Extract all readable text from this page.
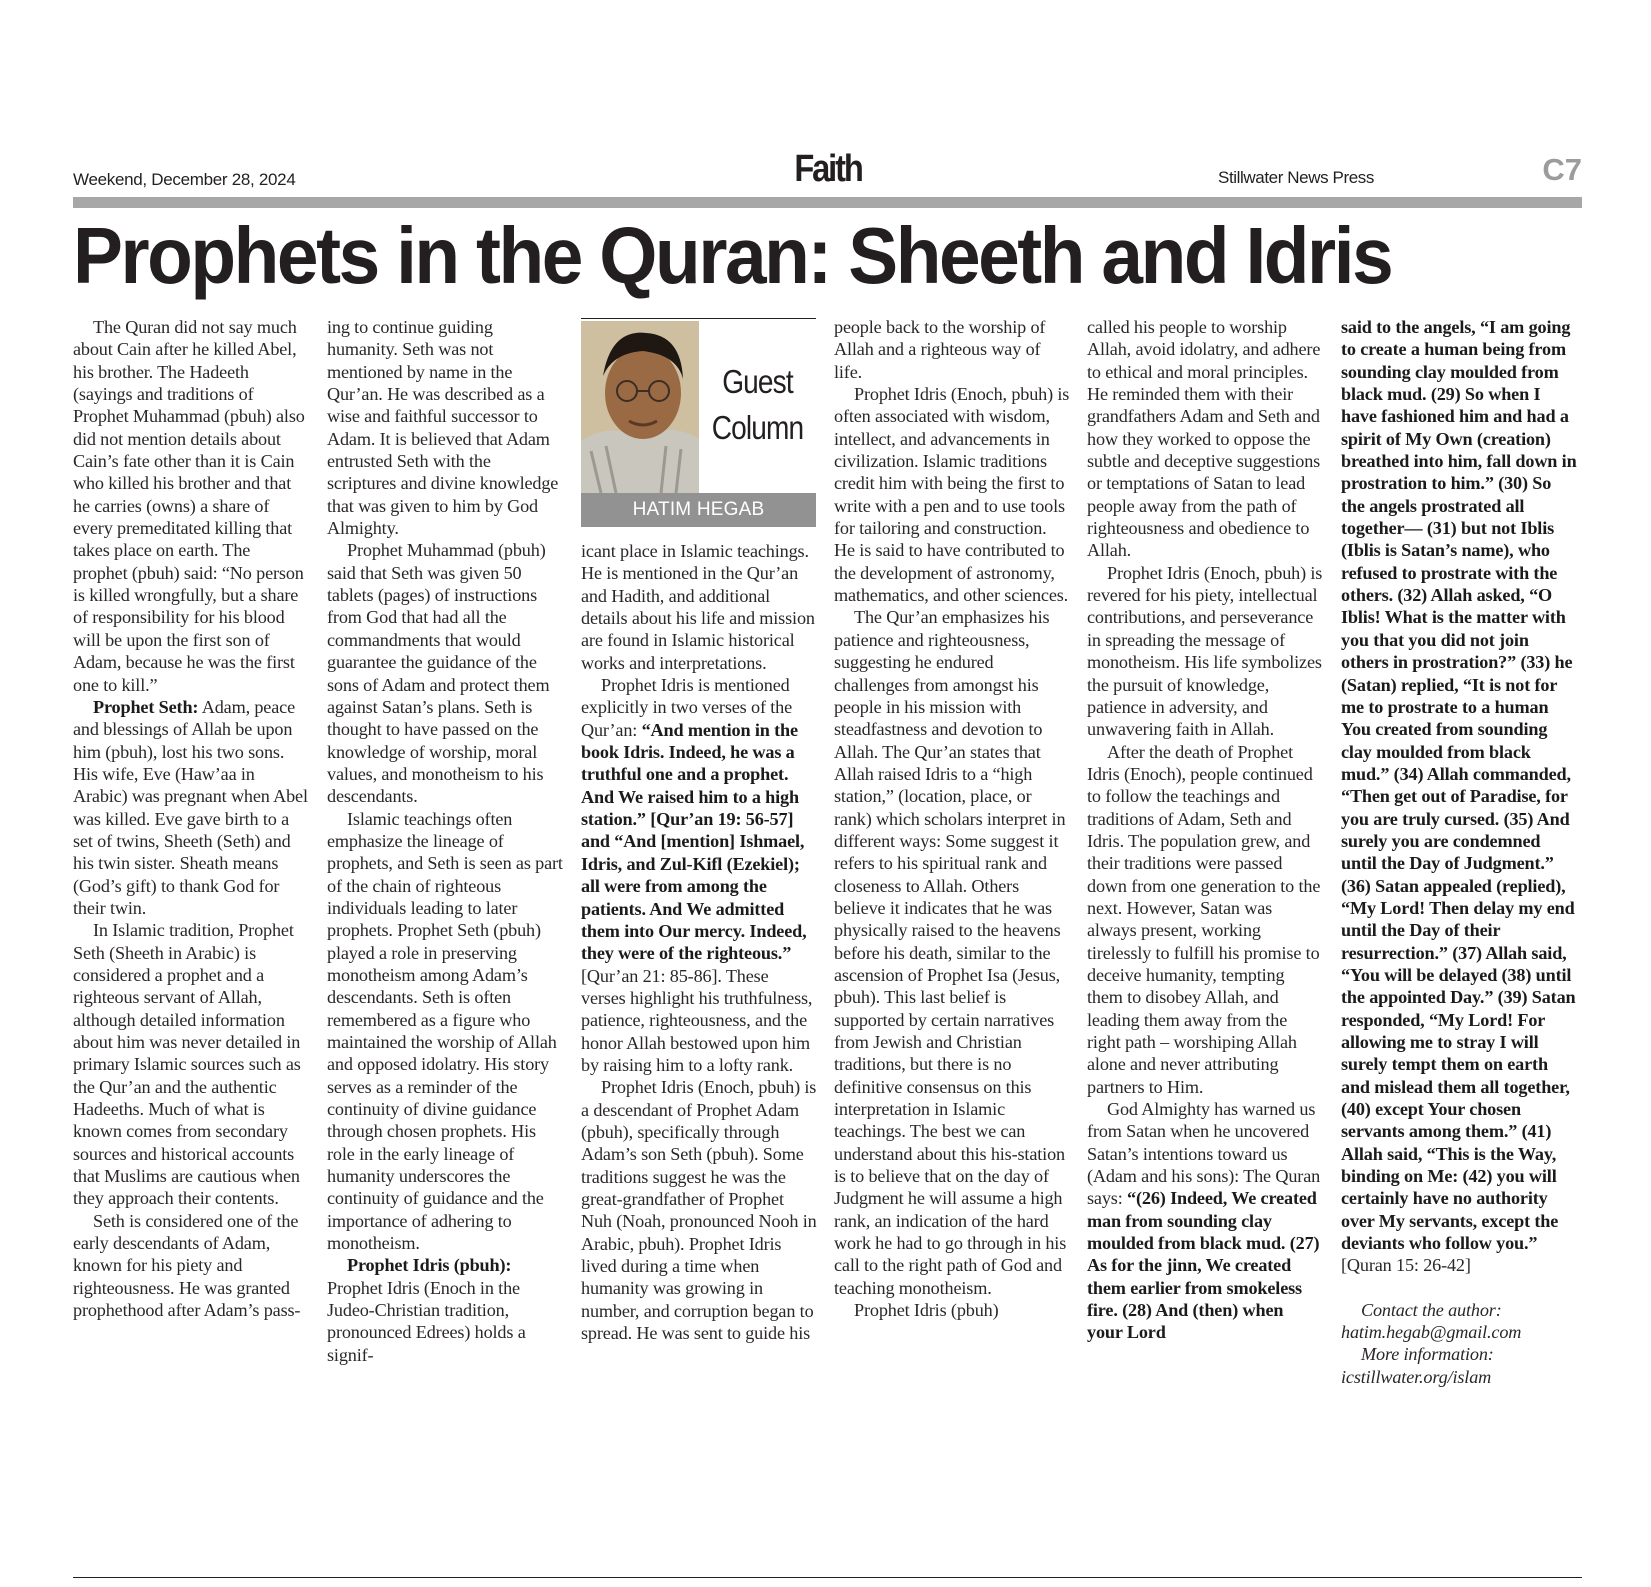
Weekend, December 28, 2024	Faith	Stillwater News Press	C7
Prophets in the Quran: Sheeth and Idris
Guest
Column
HATIM HEGAB

The Quran did not say much about Cain after he killed Abel, his brother. The Hadeeth (sayings and traditions of Prophet Muhammad (pbuh) also did not mention details about Cain’s fate other than it is Cain who killed his brother and that he carries (owns) a share of every premeditated killing that takes place on earth. The prophet (pbuh) said: “No person is killed wrongfully, but a share of responsibility for his blood will be upon the first son of Adam, because he was the first one to kill.”

Prophet Seth: Adam, peace and blessings of Allah be upon him (pbuh), lost his two sons. His wife, Eve (Haw’aa in Arabic) was pregnant when Abel was killed. Eve gave birth to a set of twins, Sheeth (Seth) and his twin sister. Sheath means (God’s gift) to thank God for their twin.

In Islamic tradition, Prophet Seth (Sheeth in Arabic) is considered a prophet and a righteous servant of Allah, although detailed information about him was never detailed in primary Islamic sources such as the Qur’an and the authentic Hadeeths. Much of what is known comes from secondary sources and historical accounts that Muslims are cautious when they approach their contents.

Seth is considered one of the early descendants of Adam, known for his piety and righteousness. He was granted prophethood after Adam’s pass-

ing to continue guiding humanity. Seth was not mentioned by name in the Qur’an. He was described as a wise and faithful successor to Adam. It is believed that Adam entrusted Seth with the scriptures and divine knowledge that was given to him by God Almighty.

Prophet Muhammad (pbuh) said that Seth was given 50 tablets (pages) of instructions from God that had all the commandments that would guarantee the guidance of the sons of Adam and protect them against Satan’s plans. Seth is thought to have passed on the knowledge of worship, moral values, and monotheism to his descendants.

Islamic teachings often emphasize the lineage of prophets, and Seth is seen as part of the chain of righteous individuals leading to later prophets. Prophet Seth (pbuh) played a role in preserving monotheism among Adam’s descendants. Seth is often remembered as a figure who maintained the worship of Allah and opposed idolatry. His story serves as a reminder of the continuity of divine guidance through chosen prophets. His role in the early lineage of humanity underscores the continuity of guidance and the importance of adhering to monotheism.

Prophet Idris (pbuh): Prophet Idris (Enoch in the Judeo-Christian tradition, pronounced Edrees) holds a signif-

icant place in Islamic teachings. He is mentioned in the Qur’an and Hadith, and additional details about his life and mission are found in Islamic historical works and interpretations.

Prophet Idris is mentioned explicitly in two verses of the Qur’an: “And mention in the book Idris. Indeed, he was a truthful one and a prophet. And We raised him to a high station.” [Qur’an 19: 56-57] and “And [mention] Ishmael, Idris, and Zul-Kifl (Ezekiel); all were from among the patients. And We admitted them into Our mercy. Indeed, they were of the righteous.” [Qur’an 21: 85-86]. These verses highlight his truthfulness, patience, righteousness, and the honor Allah bestowed upon him by raising him to a lofty rank.

Prophet Idris (Enoch, pbuh) is a descendant of Prophet Adam (pbuh), specifically through Adam’s son Seth (pbuh). Some traditions suggest he was the great-grandfather of Prophet Nuh (Noah, pronounced Nooh in Arabic, pbuh). Prophet Idris lived during a time when humanity was growing in number, and corruption began to spread. He was sent to guide his

people back to the worship of Allah and a righteous way of life.

Prophet Idris (Enoch, pbuh) is often associated with wisdom, intellect, and advancements in civilization. Islamic traditions credit him with being the first to write with a pen and to use tools for tailoring and construction. He is said to have contributed to the development of astronomy, mathematics, and other sciences.

The Qur’an emphasizes his patience and righteousness, suggesting he endured challenges from amongst his people in his mission with steadfastness and devotion to Allah. The Qur’an states that Allah raised Idris to a “high station,” (location, place, or rank) which scholars interpret in different ways: Some suggest it refers to his spiritual rank and closeness to Allah. Others believe it indicates that he was physically raised to the heavens before his death, similar to the ascension of Prophet Isa (Jesus, pbuh). This last belief is supported by certain narratives from Jewish and Christian traditions, but there is no definitive consensus on this interpretation in Islamic teachings. The best we can understand about this his-station is to believe that on the day of Judgment he will assume a high rank, an indication of the hard work he had to go through in his call to the right path of God and teaching monotheism.

Prophet Idris (pbuh)

called his people to worship Allah, avoid idolatry, and adhere to ethical and moral principles. He reminded them with their grandfathers Adam and Seth and how they worked to oppose the subtle and deceptive suggestions or temptations of Satan to lead people away from the path of righteousness and obedience to Allah.

Prophet Idris (Enoch, pbuh) is revered for his piety, intellectual contributions, and perseverance in spreading the message of monotheism. His life symbolizes the pursuit of knowledge, patience in adversity, and unwavering faith in Allah.

After the death of Prophet Idris (Enoch), people continued to follow the teachings and traditions of Adam, Seth and Idris. The population grew, and their traditions were passed down from one generation to the next. However, Satan was always present, working tirelessly to fulfill his promise to deceive humanity, tempting them to disobey Allah, and leading them away from the right path – worshiping Allah alone and never attributing partners to Him.

God Almighty has warned us from Satan when he uncovered Satan’s intentions toward us (Adam and his sons): The Quran says: “(26) Indeed, We created man from sounding clay moulded from black mud. (27) As for the jinn, We created them earlier from smokeless fire. (28) And (then) when your Lord

said to the angels, “I am going to create a human being from sounding clay moulded from black mud. (29) So when I have fashioned him and had a spirit of My Own (creation) breathed into him, fall down in prostration to him.” (30) So the angels prostrated all together— (31) but not Iblis (Iblis is Satan’s name), who refused to prostrate with the others. (32) Allah asked, “O Iblis! What is the matter with you that you did not join others in prostration?” (33) he (Satan) replied, “It is not for me to prostrate to a human You created from sounding clay moulded from black mud.” (34) Allah commanded, “Then get out of Paradise, for you are truly cursed. (35) And surely you are condemned until the Day of Judgment.” (36) Satan appealed (replied), “My Lord! Then delay my end until the Day of their resurrection.” (37) Allah said, “You will be delayed (38) until the appointed Day.” (39) Satan responded, “My Lord! For allowing me to stray I will surely tempt them on earth and mislead them all together, (40) except Your chosen servants among them.” (41) Allah said, “This is the Way, binding on Me: (42) you will certainly have no authority over My servants, except the deviants who follow you.” [Quran 15: 26-42]

Contact the author:

hatim.hegab@gmail.com

More information: icstillwater.org/islam
